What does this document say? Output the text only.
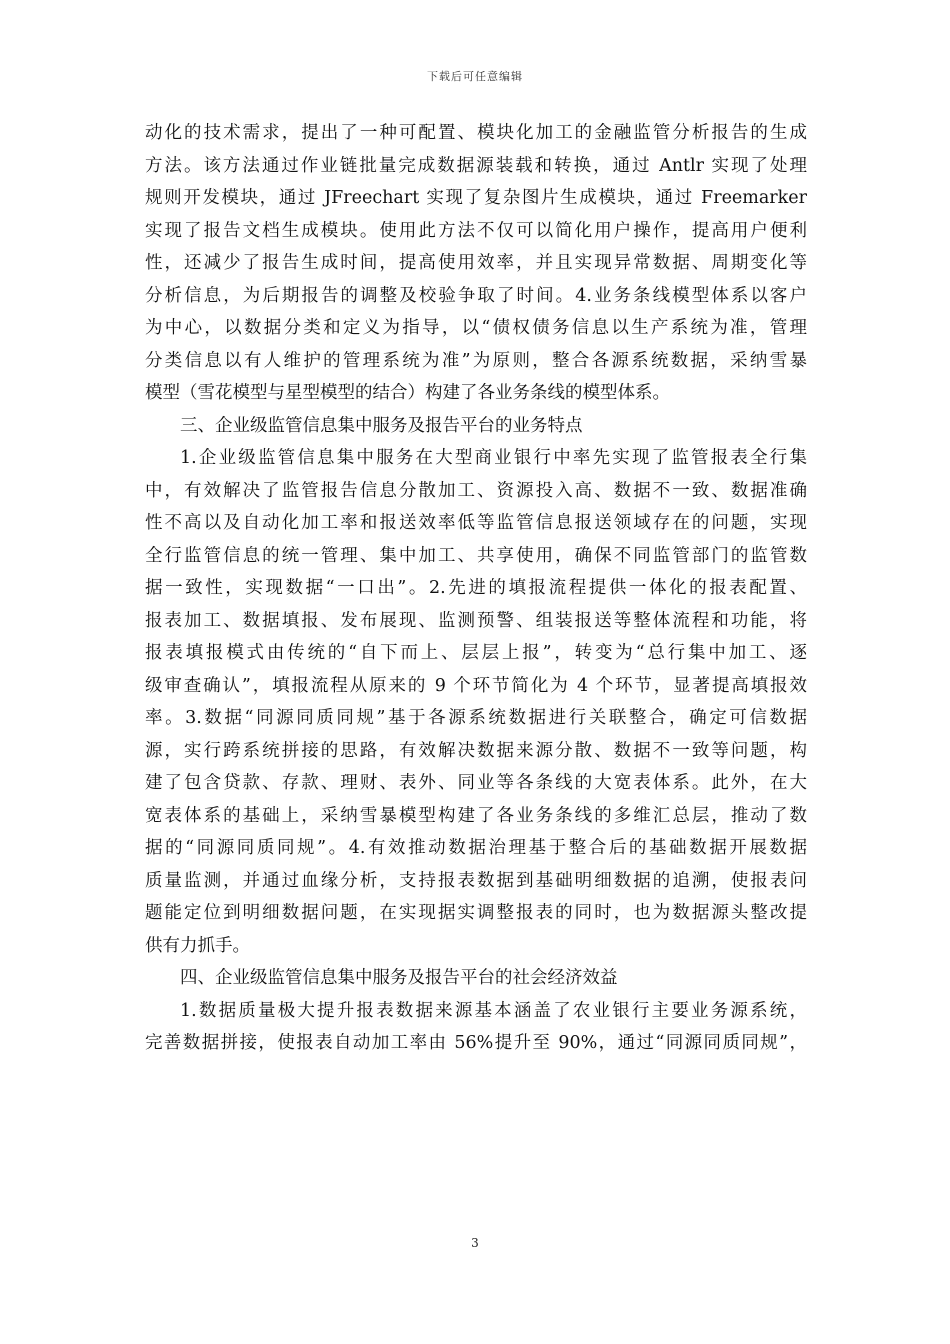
下载后可任意编辑
动化的技术需求，提出了一种可配置、模块化加工的金融监管分析报告的生成
方法。该方法通过作业链批量完成数据源装载和转换，通过 Antlr 实现了处理
规则开发模块，通过 JFreechart 实现了复杂图片生成模块，通过 Freemarker
实现了报告文档生成模块。使用此方法不仅可以简化用户操作，提高用户便利
性，还减少了报告生成时间，提高使用效率，并且实现异常数据、周期变化等
分析信息，为后期报告的调整及校验争取了时间。4.业务条线模型体系以客户
为中心，以数据分类和定义为指导，以“债权债务信息以生产系统为准，管理
分类信息以有人维护的管理系统为准”为原则，整合各源系统数据，采纳雪暴
模型（雪花模型与星型模型的结合）构建了各业务条线的模型体系。
三、企业级监管信息集中服务及报告平台的业务特点
1.企业级监管信息集中服务在大型商业银行中率先实现了监管报表全行集
中，有效解决了监管报告信息分散加工、资源投入高、数据不一致、数据准确
性不高以及自动化加工率和报送效率低等监管信息报送领域存在的问题，实现
全行监管信息的统一管理、集中加工、共享使用，确保不同监管部门的监管数
据一致性，实现数据“一口出”。2.先进的填报流程提供一体化的报表配置、
报表加工、数据填报、发布展现、监测预警、组装报送等整体流程和功能，将
报表填报模式由传统的“自下而上、层层上报”，转变为“总行集中加工、逐
级审查确认”，填报流程从原来的 9 个环节简化为 4 个环节，显著提高填报效
率。3.数据“同源同质同规”基于各源系统数据进行关联整合，确定可信数据
源，实行跨系统拼接的思路，有效解决数据来源分散、数据不一致等问题，构
建了包含贷款、存款、理财、表外、同业等各条线的大宽表体系。此外，在大
宽表体系的基础上，采纳雪暴模型构建了各业务条线的多维汇总层，推动了数
据的“同源同质同规”。4.有效推动数据治理基于整合后的基础数据开展数据
质量监测，并通过血缘分析，支持报表数据到基础明细数据的追溯，使报表问
题能定位到明细数据问题，在实现据实调整报表的同时，也为数据源头整改提
供有力抓手。
四、企业级监管信息集中服务及报告平台的社会经济效益
1.数据质量极大提升报表数据来源基本涵盖了农业银行主要业务源系统，
完善数据拼接，使报表自动加工率由 56%提升至 90%，通过“同源同质同规”，
3
